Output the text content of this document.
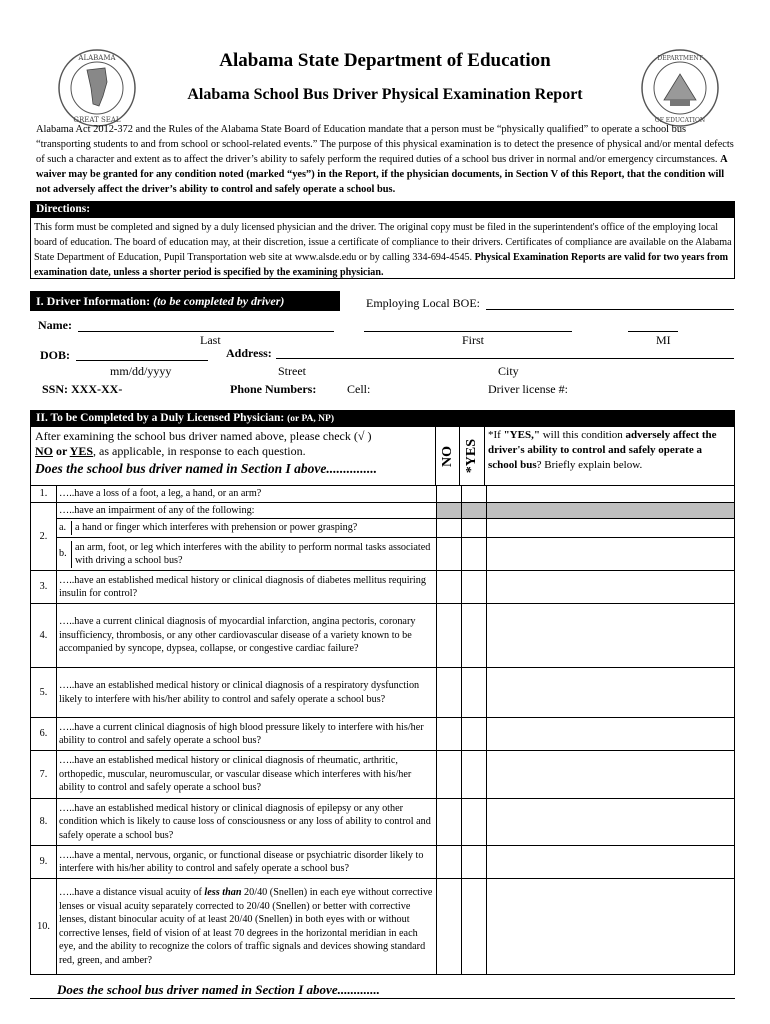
ALABAMA
GREAT SEAL
DEPARTMENT
OF EDUCATION
Alabama State Department of Education
Alabama School Bus Driver Physical Examination Report
Alabama Act 2012-372 and the Rules of the Alabama State Board of Education mandate that a person must be “physically qualified” to operate a school bus “transporting students to and from school or school-related events.” The purpose of this physical examination is to detect the presence of physical and/or mental defects of such a character and extent as to affect the driver’s ability to safely perform the required duties of a school bus driver in normal and/or emergency circumstances. A waiver may be granted for any condition noted (marked “yes”) in the Report, if the physician documents, in Section V of this Report, that the condition will not adversely affect the driver’s ability to control and safely operate a school bus.
Directions:
This form must be completed and signed by a duly licensed physician and the driver. The original copy must be filed in the superintendent's office of the employing local board of education. The board of education may, at their discretion, issue a certificate of compliance to their drivers. Certificates of compliance are available on the Alabama State Department of Education, Pupil Transportation web site at www.alsde.edu or by calling 334-694-4545. Physical Examination Reports are valid for two years from examination date, unless a shorter period is specified by the examining physician.
I. Driver Information: (to be completed by driver)	Employing Local BOE:
Name:
Last	First	MI
DOB:	Address:
mm/dd/yyyy	Street	City
SSN: XXX-XX-	Phone Numbers:	Cell:	Driver license #:
II. To be Completed by a Duly Licensed Physician: (or PA, NP)
NO *YES
After examining the school bus driver named above, please check (√ )
NO or YES, as applicable, in response to each question.
Does the school bus driver named in Section I above...............
*If "YES," will this condition adversely affect the driver's ability to control and safely operate a school bus? Briefly explain below.
1.	…..have a loss of a foot, a leg, a hand, or an arm?			
2.	…..have an impairment of any of the following:			
	a. a hand or finger which interferes with prehension or power grasping?			

b.
an arm, foot, or leg which interferes with the ability to perform normal tasks associated with driving a school bus?			

3.	…..have an established medical history or clinical diagnosis of diabetes mellitus requiring insulin for control?			
4.	…..have a current clinical diagnosis of myocardial infarction, angina pectoris, coronary insufficiency, thrombosis, or any other cardiovascular disease of a variety known to be accompanied by syncope, dypsea, collapse, or congestive cardiac failure?			
5.	…..have an established medical history or clinical diagnosis of a respiratory dysfunction likely to interfere with his/her ability to control and safely operate a school bus?			
6.	…..have a current clinical diagnosis of high blood pressure likely to interfere with his/her ability to control and safely operate a school bus?			
7.	…..have an established medical history or clinical diagnosis of rheumatic, arthritic, orthopedic, muscular, neuromuscular, or vascular disease which interferes with his/her ability to control and safely operate a school bus?			
8.	…..have an established medical history or clinical diagnosis of epilepsy or any other condition which is likely to cause loss of consciousness or any loss of ability to control and safely operate a school bus?			
9.	…..have a mental, nervous, organic, or functional disease or psychiatric disorder likely to interfere with his/her ability to control and safely operate a school bus?			
10.	…..have a distance visual acuity of less than 20/40 (Snellen) in each eye without corrective lenses or visual acuity separately corrected to 20/40 (Snellen) or better with corrective lenses, distant binocular acuity of at least 20/40 (Snellen) in both eyes with or without corrective lenses, field of vision of at least 70 degrees in the horizontal meridian in each eye, and the ability to recognize the colors of traffic signals and devices showing standard red, green, and amber?			
Does the school bus driver named in Section I above.............
